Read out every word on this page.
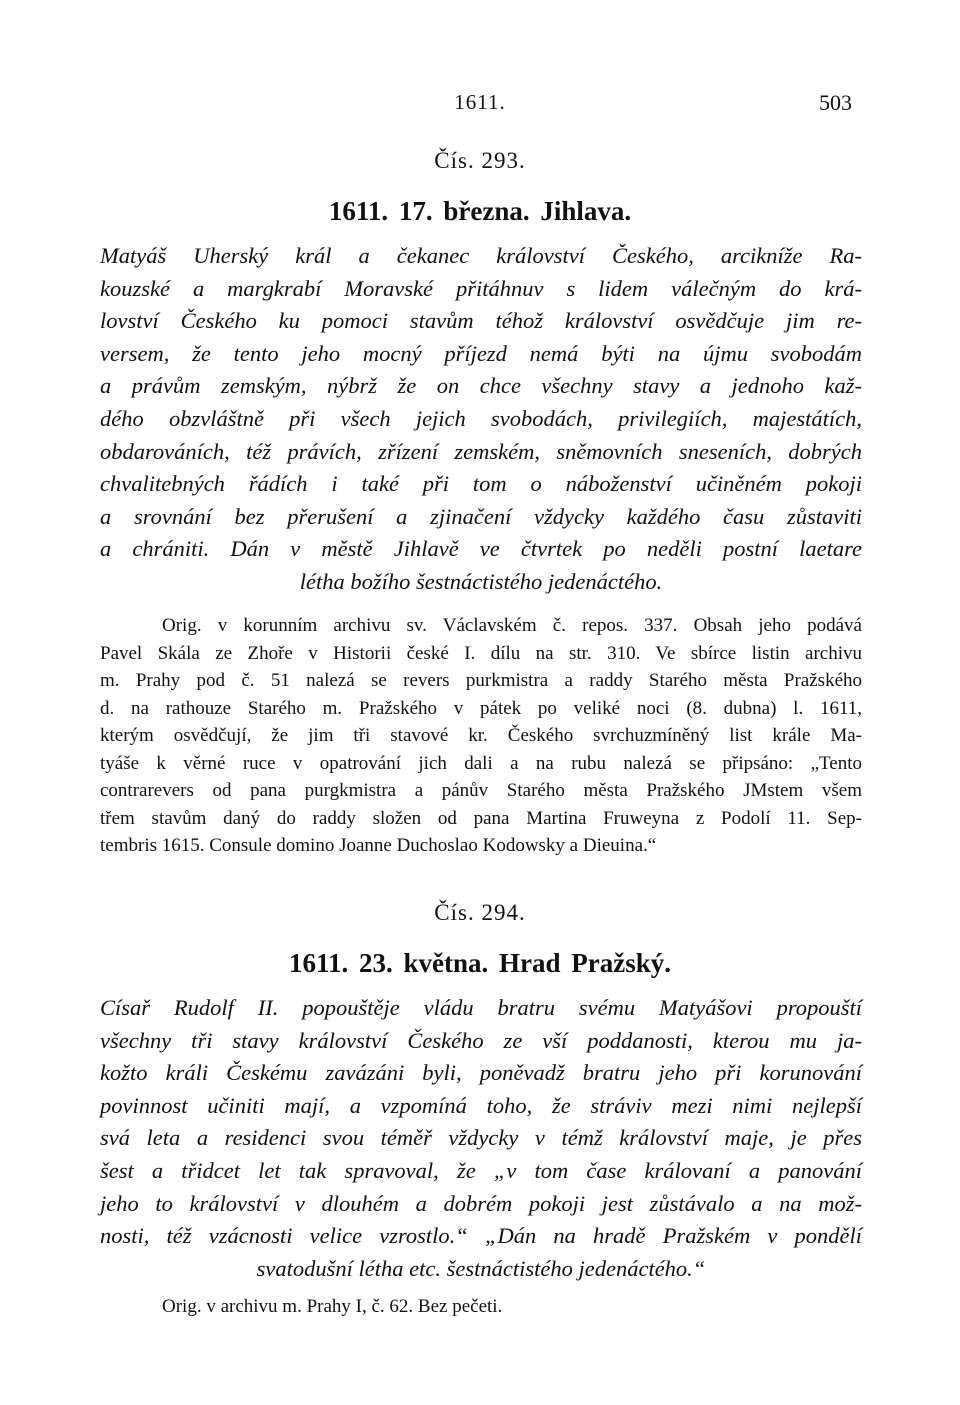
1611.	503
Čís. 293.
1611. 17. března. Jihlava.
Matyáš Uherský král a čekanec království Českého, arcikníže Ra-
kouzské a margkrabí Moravské přitáhnuv s lidem válečným do krá-
lovství Českého ku pomoci stavům téhož království osvědčuje jim re-
versem, že tento jeho mocný příjezd nemá býti na újmu svobodám
a právům zemským, nýbrž že on chce všechny stavy a jednoho kaž-
dého obzvláštně při všech jejich svobodách, privilegiích, majestátích,
obdarováních, též právích, zřízení zemském, sněmovních sneseních, dobrých
chvalitebných řádích i také při tom o náboženství učiněném pokoji
a srovnání bez přerušení a zjinačení vždycky každého času zůstaviti
a chrániti. Dán v městě Jihlavě ve čtvrtek po neděli postní laetare
létha božího šestnáctistého jedenáctého.
Orig. v korunním archivu sv. Václavském č. repos. 337. Obsah jeho podává
Pavel Skála ze Zhoře v Historii české I. dílu na str. 310. Ve sbírce listin archivu
m. Prahy pod č. 51 nalezá se revers purkmistra a raddy Starého města Pražského
d. na rathouze Starého m. Pražského v pátek po veliké noci (8. dubna) l. 1611,
kterým osvědčují, že jim tři stavové kr. Českého svrchuzmíněný list krále Ma-
tyáše k věrné ruce v opatrování jich dali a na rubu nalezá se připsáno: „Tento
contrarevers od pana purgkmistra a pánův Starého města Pražského JMstem všem
třem stavům daný do raddy složen od pana Martina Fruweyna z Podolí 11. Sep-
tembris 1615. Consule domino Joanne Duchoslao Kodowsky a Dieuina.“
Čís. 294.
1611. 23. května. Hrad Pražský.
Císař Rudolf II. popouštěje vládu bratru svému Matyášovi propouští
všechny tři stavy království Českého ze vší poddanosti, kterou mu ja-
kožto králi Českému zavázáni byli, poněvadž bratru jeho při korunování
povinnost učiniti mají, a vzpomíná toho, že stráviv mezi nimi nejlepší
svá leta a residenci svou téměř vždycky v témž království maje, je přes
šest a třidcet let tak spravoval, že „v tom čase královaní a panování
jeho to království v dlouhém a dobrém pokoji jest zůstávalo a na mož-
nosti, též vzácnosti velice vzrostlo.“ „Dán na hradě Pražském v pondělí
svatodušní létha etc. šestnáctistého jedenáctého.“
Orig. v archivu m. Prahy I, č. 62. Bez pečeti.
